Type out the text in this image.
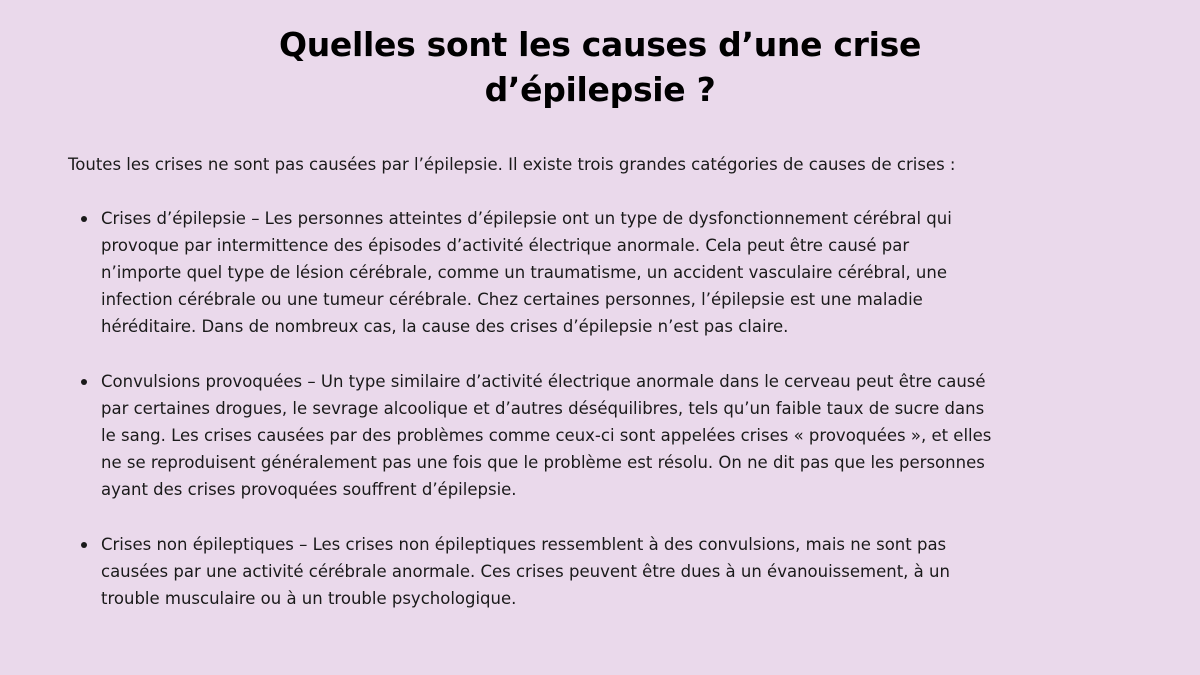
Quelles sont les causes d’une crise
d’épilepsie ?

Toutes les crises ne sont pas causées par l’épilepsie. Il existe trois grandes catégories de causes de crises :

Crises d’épilepsie – Les personnes atteintes d’épilepsie ont un type de dysfonctionnement cérébral qui
provoque par intermittence des épisodes d’activité électrique anormale. Cela peut être causé par
n’importe quel type de lésion cérébrale, comme un traumatisme, un accident vasculaire cérébral, une
infection cérébrale ou une tumeur cérébrale. Chez certaines personnes, l’épilepsie est une maladie
héréditaire. Dans de nombreux cas, la cause des crises d’épilepsie n’est pas claire.
Convulsions provoquées – Un type similaire d’activité électrique anormale dans le cerveau peut être causé
par certaines drogues, le sevrage alcoolique et d’autres déséquilibres, tels qu’un faible taux de sucre dans
le sang. Les crises causées par des problèmes comme ceux-ci sont appelées crises « provoquées », et elles
ne se reproduisent généralement pas une fois que le problème est résolu. On ne dit pas que les personnes
ayant des crises provoquées souffrent d’épilepsie.
Crises non épileptiques – Les crises non épileptiques ressemblent à des convulsions, mais ne sont pas
causées par une activité cérébrale anormale. Ces crises peuvent être dues à un évanouissement, à un
trouble musculaire ou à un trouble psychologique.
